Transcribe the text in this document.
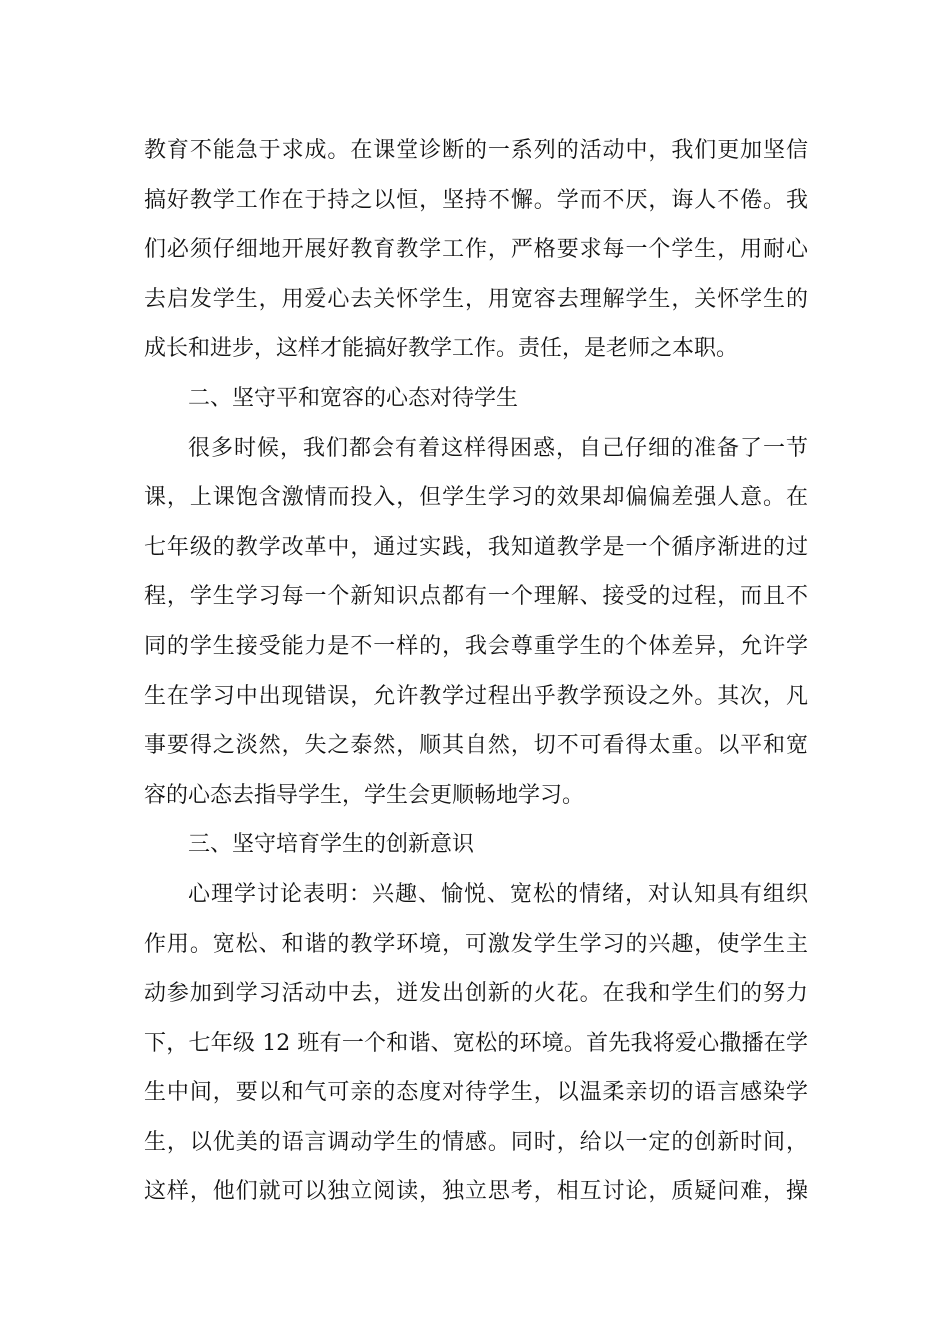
教育不能急于求成。在课堂诊断的一系列的活动中，我们更加坚信
搞好教学工作在于持之以恒，坚持不懈。学而不厌，诲人不倦。我
们必须仔细地开展好教育教学工作，严格要求每一个学生，用耐心
去启发学生，用爱心去关怀学生，用宽容去理解学生，关怀学生的
成长和进步，这样才能搞好教学工作。责任，是老师之本职。
二、坚守平和宽容的心态对待学生
很多时候，我们都会有着这样得困惑，自己仔细的准备了一节
课，上课饱含激情而投入，但学生学习的效果却偏偏差强人意。在
七年级的教学改革中，通过实践，我知道教学是一个循序渐进的过
程，学生学习每一个新知识点都有一个理解、接受的过程，而且不
同的学生接受能力是不一样的，我会尊重学生的个体差异，允许学
生在学习中出现错误，允许教学过程出乎教学预设之外。其次，凡
事要得之淡然，失之泰然，顺其自然，切不可看得太重。以平和宽
容的心态去指导学生，学生会更顺畅地学习。
三、坚守培育学生的创新意识
心理学讨论表明：兴趣、愉悦、宽松的情绪，对认知具有组织
作用。宽松、和谐的教学环境，可激发学生学习的兴趣，使学生主
动参加到学习活动中去，迸发出创新的火花。在我和学生们的努力
下，七年级 12 班有一个和谐、宽松的环境。首先我将爱心撒播在学
生中间，要以和气可亲的态度对待学生，以温柔亲切的语言感染学
生，以优美的语言调动学生的情感。同时，给以一定的创新时间，
这样，他们就可以独立阅读，独立思考，相互讨论，质疑问难，操
